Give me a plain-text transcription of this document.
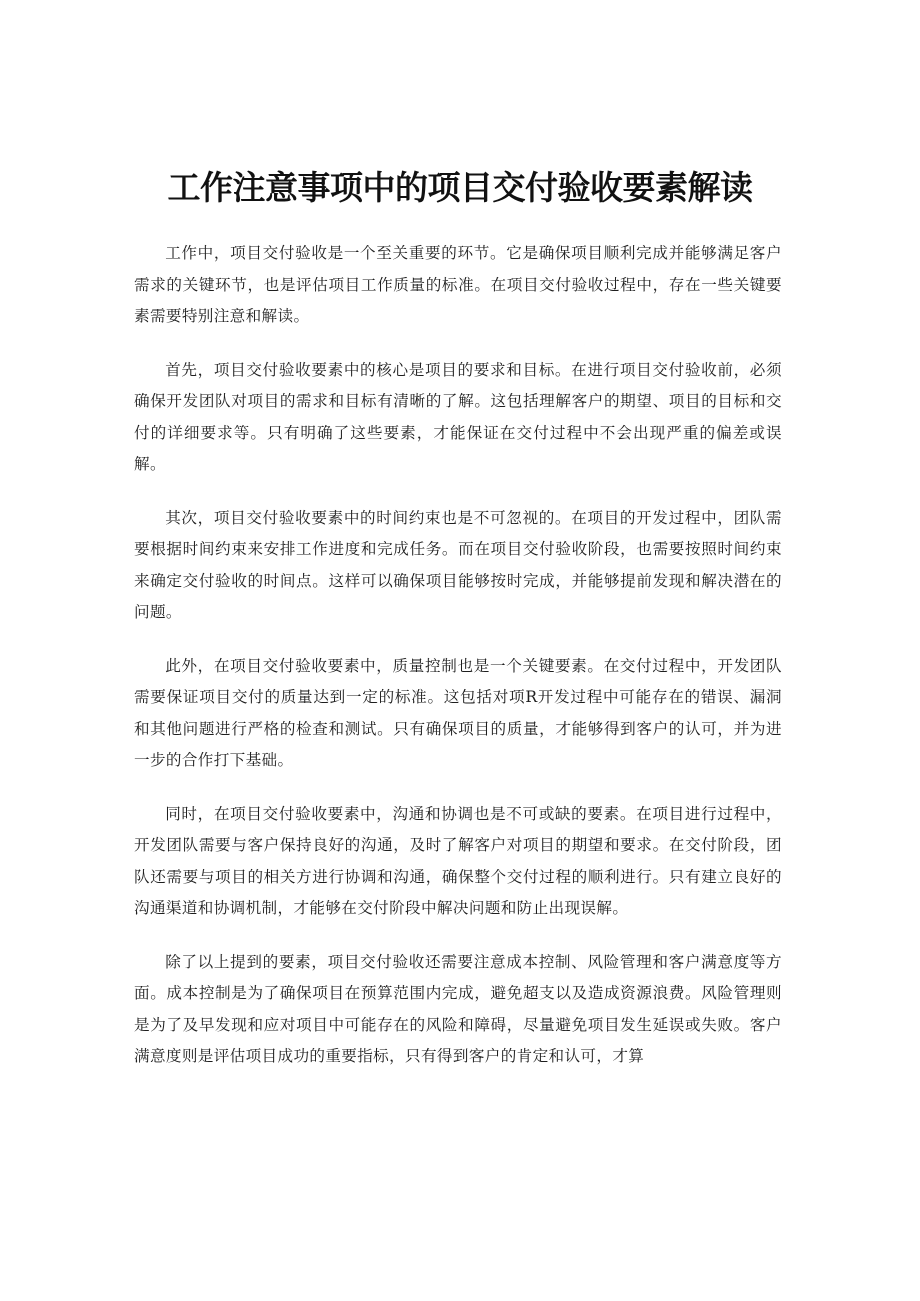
工作注意事项中的项目交付验收要素解读

工作中，项目交付验收是一个至关重要的环节。它是确保项目顺利完成并能够满足客户需求的关键环节，也是评估项目工作质量的标准。在项目交付验收过程中，存在一些关键要素需要特别注意和解读。

首先，项目交付验收要素中的核心是项目的要求和目标。在进行项目交付验收前，必须确保开发团队对项目的需求和目标有清晰的了解。这包括理解客户的期望、项目的目标和交付的详细要求等。只有明确了这些要素，才能保证在交付过程中不会出现严重的偏差或误解。

其次，项目交付验收要素中的时间约束也是不可忽视的。在项目的开发过程中，团队需要根据时间约束来安排工作进度和完成任务。而在项目交付验收阶段，也需要按照时间约束来确定交付验收的时间点。这样可以确保项目能够按时完成，并能够提前发现和解决潜在的问题。

此外，在项目交付验收要素中，质量控制也是一个关键要素。在交付过程中，开发团队需要保证项目交付的质量达到一定的标准。这包括对项R开发过程中可能存在的错误、漏洞和其他问题进行严格的检查和测试。只有确保项目的质量，才能够得到客户的认可，并为进一步的合作打下基础。

同时，在项目交付验收要素中，沟通和协调也是不可或缺的要素。在项目进行过程中，开发团队需要与客户保持良好的沟通，及时了解客户对项目的期望和要求。在交付阶段，团队还需要与项目的相关方进行协调和沟通，确保整个交付过程的顺利进行。只有建立良好的沟通渠道和协调机制，才能够在交付阶段中解决问题和防止出现误解。

除了以上提到的要素，项目交付验收还需要注意成本控制、风险管理和客户满意度等方面。成本控制是为了确保项目在预算范围内完成，避免超支以及造成资源浪费。风险管理则是为了及早发现和应对项目中可能存在的风险和障碍，尽量避免项目发生延误或失败。客户满意度则是评估项目成功的重要指标，只有得到客户的肯定和认可，才算
